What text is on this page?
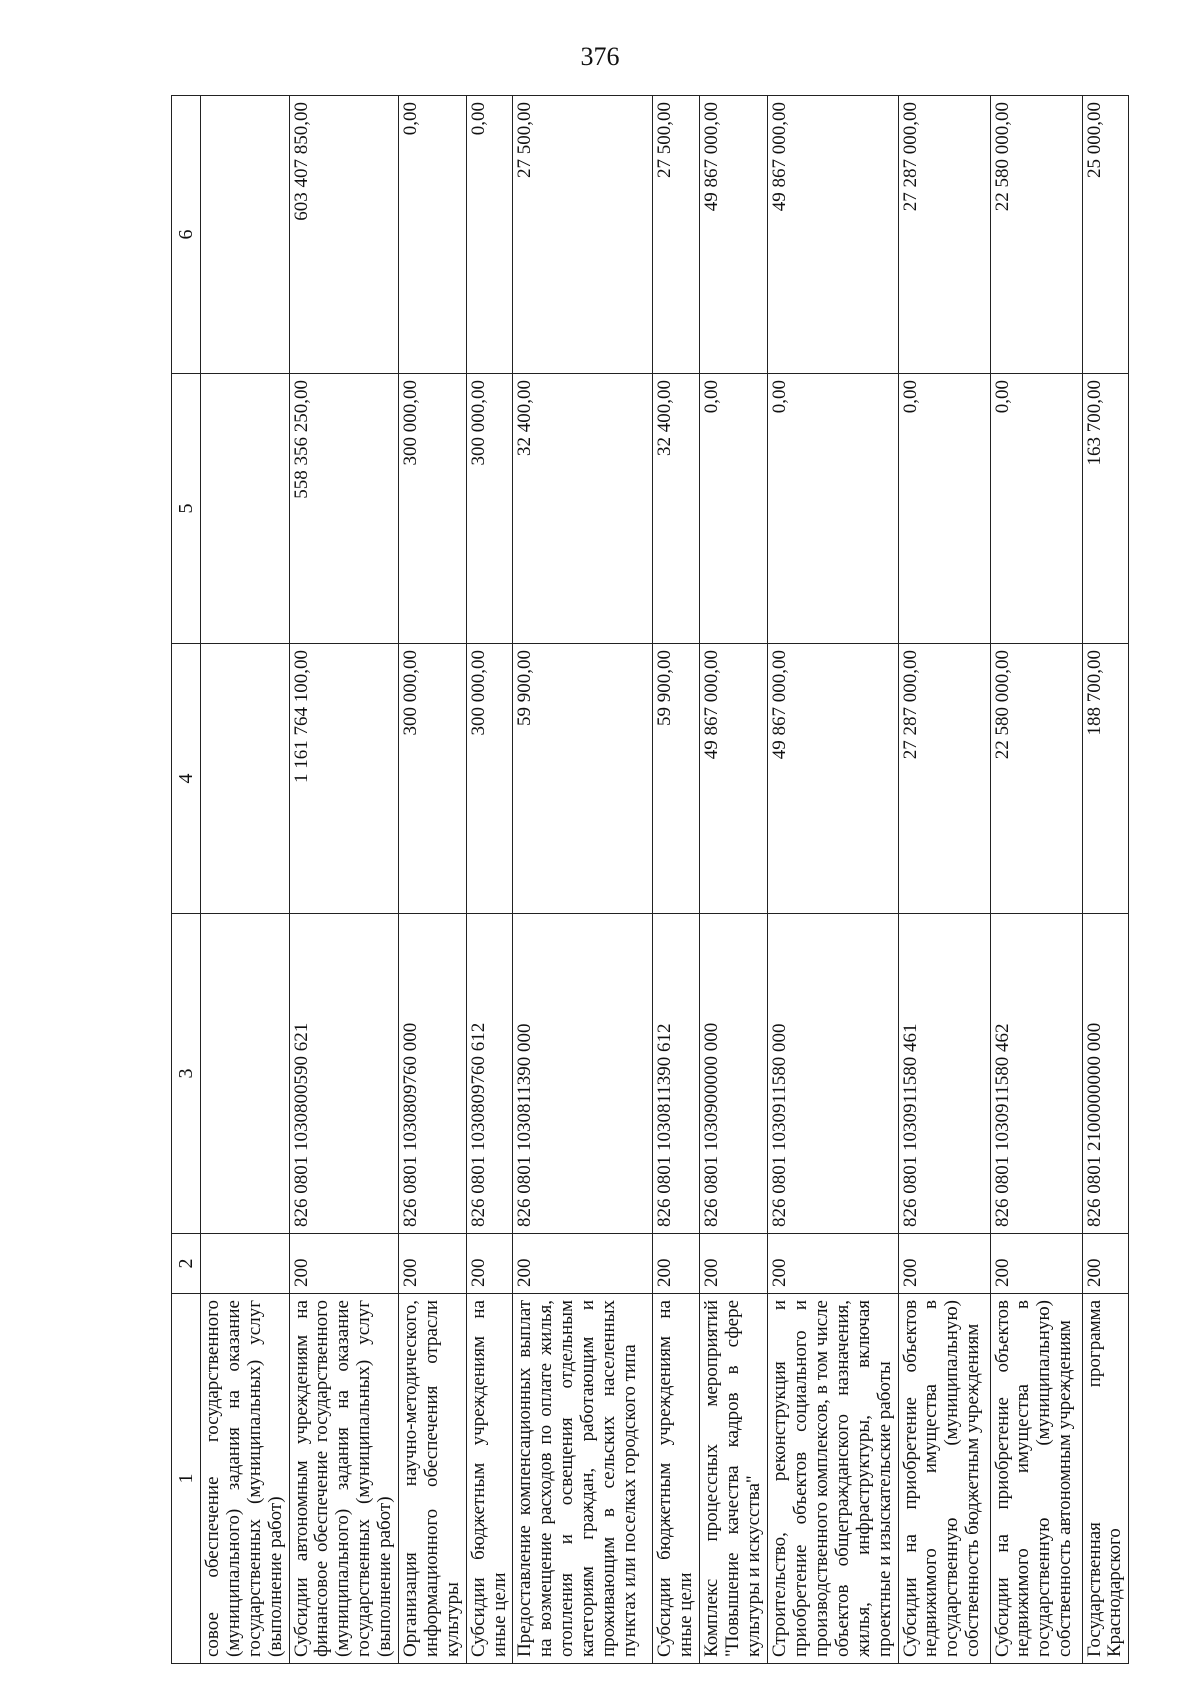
376
1	2	3	4	5	6
совое обеспечение государственного (муниципального) задания на оказание государственных (муниципальных) услуг (выполнение работ)					
Субсидии автономным учреждениям на финансовое обеспечение государственного (муниципального) задания на оказание государственных (муниципальных) услуг (выполнение работ)	200	826 0801 1030800590 621	1 161 764 100,00	558 356 250,00	603 407 850,00
Организация научно-методического, информационного обеспечения отрасли культуры	200	826 0801 1030809760 000	300 000,00	300 000,00	0,00
Субсидии бюджетным учреждениям на иные цели	200	826 0801 1030809760 612	300 000,00	300 000,00	0,00
Предоставление компенсационных выплат на возмещение расходов по оплате жилья, отопления и освещения отдельным категориям граждан, работающим и проживающим в сельских населенных пунктах или поселках городского типа	200	826 0801 1030811390 000	59 900,00	32 400,00	27 500,00
Субсидии бюджетным учреждениям на иные цели	200	826 0801 1030811390 612	59 900,00	32 400,00	27 500,00
Комплекс процессных мероприятий "Повышение качества кадров в сфере культуры и искусства"	200	826 0801 1030900000 000	49 867 000,00	0,00	49 867 000,00
Строительство, реконструкция и приобретение объектов социального и производственного комплексов, в том числе объектов общегражданского назначения, жилья, инфраструктуры, включая проектные и изыскательские работы	200	826 0801 1030911580 000	49 867 000,00	0,00	49 867 000,00
Субсидии на приобретение объектов недвижимого имущества в государственную (муниципальную) собственность бюджетным учреждениям	200	826 0801 1030911580 461	27 287 000,00	0,00	27 287 000,00
Субсидии на приобретение объектов недвижимого имущества в государственную (муниципальную) собственность автономным учреждениям	200	826 0801 1030911580 462	22 580 000,00	0,00	22 580 000,00
Государственная программа Краснодарского	200	826 0801 2100000000 000	188 700,00	163 700,00	25 000,00
